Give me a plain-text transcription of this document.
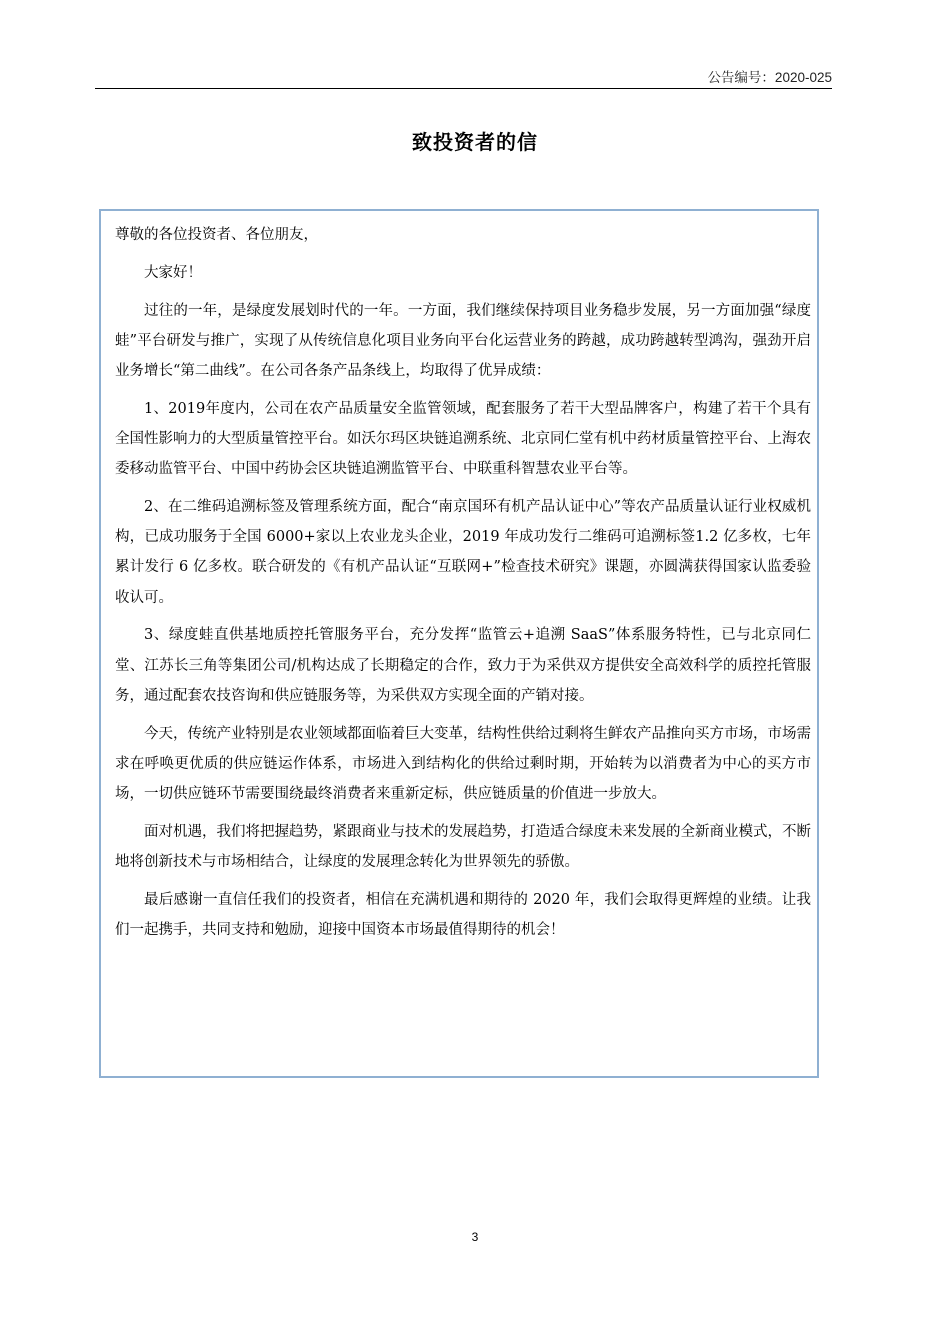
公告编号：2020-025
致投资者的信

尊敬的各位投资者、各位朋友，

大家好！

过往的一年，是绿度发展划时代的一年。一方面，我们继续保持项目业务稳步发展，另一方面加强“绿度蛙”平台研发与推广，实现了从传统信息化项目业务向平台化运营业务的跨越，成功跨越转型鸿沟，强劲开启业务增长“第二曲线”。在公司各条产品条线上，均取得了优异成绩：

1、2019年度内，公司在农产品质量安全监管领域，配套服务了若干大型品牌客户，构建了若干个具有全国性影响力的大型质量管控平台。如沃尔玛区块链追溯系统、北京同仁堂有机中药材质量管控平台、上海农委移动监管平台、中国中药协会区块链追溯监管平台、中联重科智慧农业平台等。

2、在二维码追溯标签及管理系统方面，配合“南京国环有机产品认证中心”等农产品质量认证行业权威机构，已成功服务于全国 6000+家以上农业龙头企业，2019 年成功发行二维码可追溯标签1.2 亿多枚，七年累计发行 6 亿多枚。联合研发的《有机产品认证“互联网+”检查技术研究》课题，亦圆满获得国家认监委验收认可。

3、绿度蛙直供基地质控托管服务平台，充分发挥“监管云+追溯 SaaS”体系服务特性，已与北京同仁堂、江苏长三角等集团公司/机构达成了长期稳定的合作，致力于为采供双方提供安全高效科学的质控托管服务，通过配套农技咨询和供应链服务等，为采供双方实现全面的产销对接。

今天，传统产业特别是农业领域都面临着巨大变革，结构性供给过剩将生鲜农产品推向买方市场，市场需求在呼唤更优质的供应链运作体系，市场进入到结构化的供给过剩时期，开始转为以消费者为中心的买方市场，一切供应链环节需要围绕最终消费者来重新定标，供应链质量的价值进一步放大。

面对机遇，我们将把握趋势，紧跟商业与技术的发展趋势，打造适合绿度未来发展的全新商业模式，不断地将创新技术与市场相结合，让绿度的发展理念转化为世界领先的骄傲。

最后感谢一直信任我们的投资者，相信在充满机遇和期待的 2020 年，我们会取得更辉煌的业绩。让我们一起携手，共同支持和勉励，迎接中国资本市场最值得期待的机会！

3
